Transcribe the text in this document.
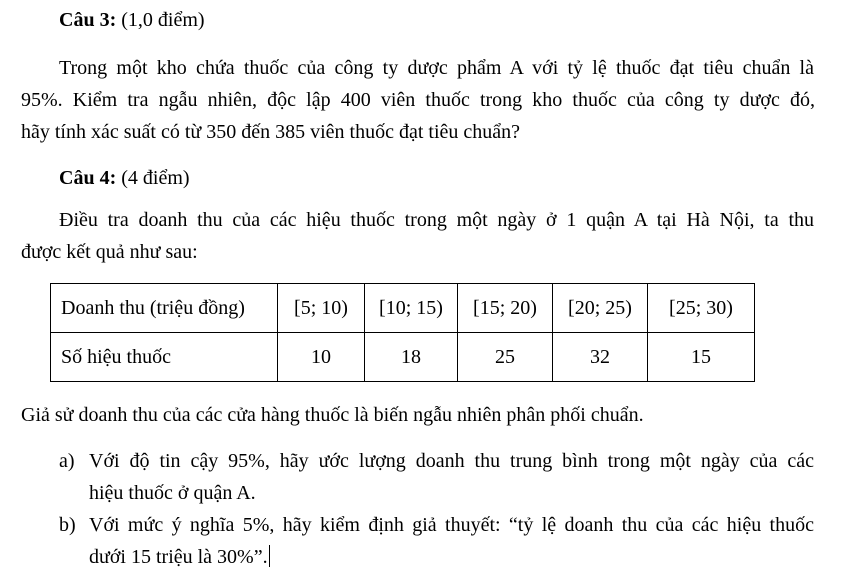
Câu 3: (1,0 điểm)
Trong một kho chứa thuốc của công ty dược phẩm A với tỷ lệ thuốc đạt tiêu chuẩn là
95%. Kiểm tra ngẫu nhiên, độc lập 400 viên thuốc trong kho thuốc của công ty dược đó,
hãy tính xác suất có từ 350 đến 385 viên thuốc đạt tiêu chuẩn?
Câu 4: (4 điểm)
Điều tra doanh thu của các hiệu thuốc trong một ngày ở 1 quận A tại Hà Nội, ta thu
được kết quả như sau:
Doanh thu (triệu đồng)	[5; 10)	[10; 15)	[15; 20)	[20; 25)	[25; 30)
Số hiệu thuốc	10	18	25	32	15
Giả sử doanh thu của các cửa hàng thuốc là biến ngẫu nhiên phân phối chuẩn.
a) Với độ tin cậy 95%, hãy ước lượng doanh thu trung bình trong một ngày của các
hiệu thuốc ở quận A.
b) Với mức ý nghĩa 5%, hãy kiểm định giả thuyết: “tỷ lệ doanh thu của các hiệu thuốc
dưới 15 triệu là 30%”.
